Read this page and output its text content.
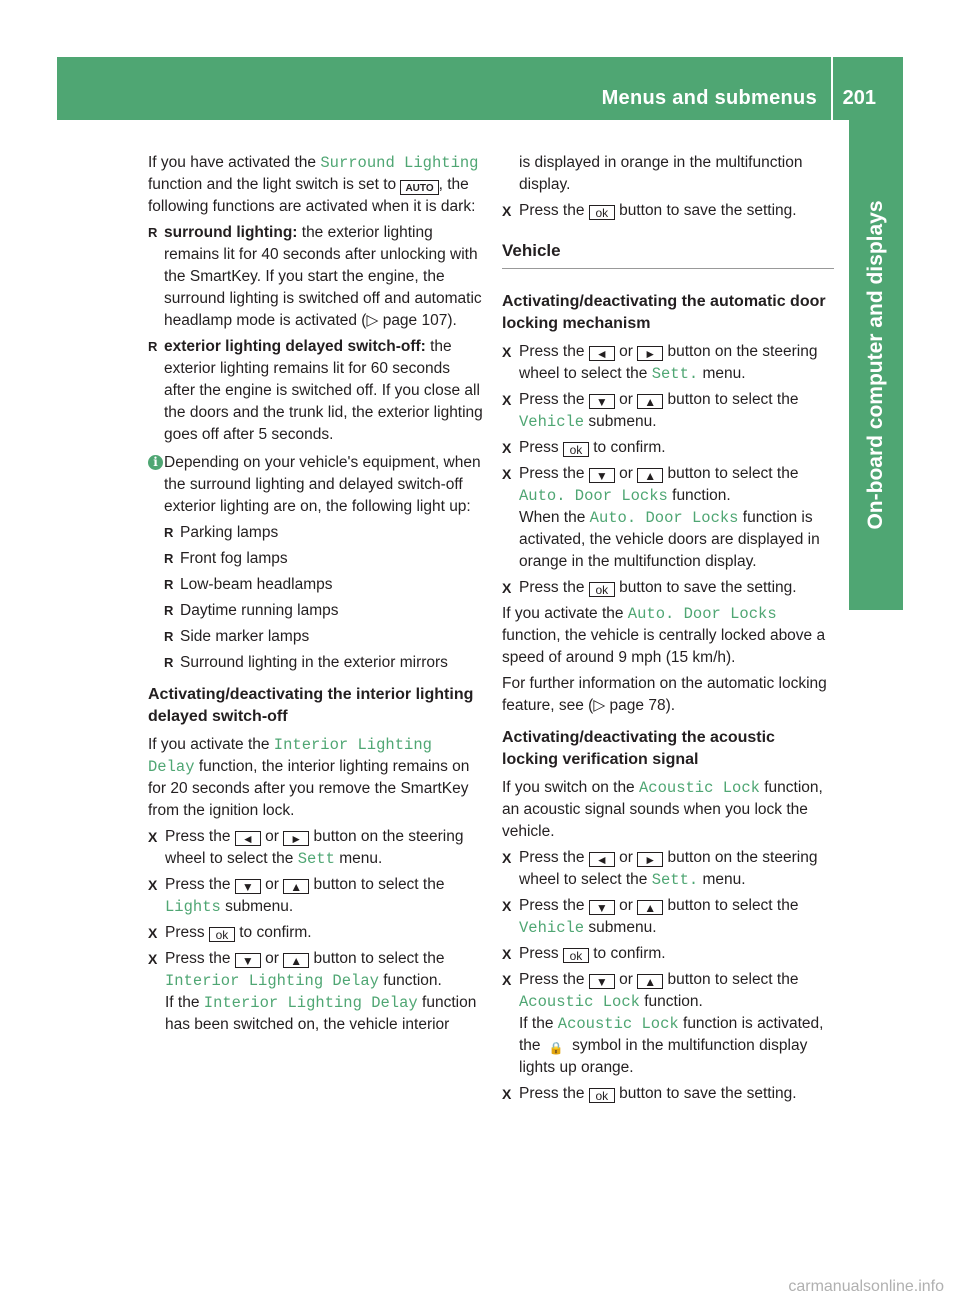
Menus and submenus 201
On-board computer and displays

If you have activated the Surround Lighting function and the light switch is set to AUTO , the following functions are activated when it is dark:

R surround lighting: the exterior lighting remains lit for 40 seconds after unlocking with the SmartKey. If you start the engine, the surround lighting is switched off and automatic headlamp mode is activated (▷ page 107).
R exterior lighting delayed switch-off: the exterior lighting remains lit for 60 seconds after the engine is switched off. If you close all the doors and the trunk lid, the exterior lighting goes off after 5 seconds.
i Depending on your vehicle's equipment, when the surround lighting and delayed switch-off exterior lighting are on, the following light up:
R Parking lamps
R Front fog lamps
R Low-beam headlamps
R Daytime running lamps
R Side marker lamps
R Surround lighting in the exterior mirrors
Activating/deactivating the interior lighting delayed switch-off

If you activate the Interior Lighting Delay function, the interior lighting remains on for 20 seconds after you remove the SmartKey from the ignition lock.

X Press the ◄ or ► button on the steering wheel to select the Sett menu.
X Press the ▼ or ▲ button to select the Lights submenu.
X Press ok to confirm.
X Press the ▼ or ▲ button to select the Interior Lighting Delay function.
If the Interior Lighting Delay function has been switched on, the vehicle interior

is displayed in orange in the multifunction display.

X Press the ok button to save the setting.
Vehicle
Activating/deactivating the automatic door locking mechanism
X Press the ◄ or ► button on the steering wheel to select the Sett. menu.
X Press the ▼ or ▲ button to select the Vehicle submenu.
X Press ok to confirm.
X Press the ▼ or ▲ button to select the Auto. Door Locks function.
When the Auto. Door Locks function is activated, the vehicle doors are displayed in orange in the multifunction display.
X Press the ok button to save the setting.

If you activate the Auto. Door Locks function, the vehicle is centrally locked above a speed of around 9 mph (15 km/h).

For further information on the automatic locking feature, see (▷ page 78).

Activating/deactivating the acoustic locking verification signal

If you switch on the Acoustic Lock function, an acoustic signal sounds when you lock the vehicle.

X Press the ◄ or ► button on the steering wheel to select the Sett. menu.
X Press the ▼ or ▲ button to select the Vehicle submenu.
X Press ok to confirm.
X Press the ▼ or ▲ button to select the Acoustic Lock function.
If the Acoustic Lock function is activated, the 🔒 symbol in the multifunction display lights up orange.
X Press the ok button to save the setting.
carmanualsonline.info
